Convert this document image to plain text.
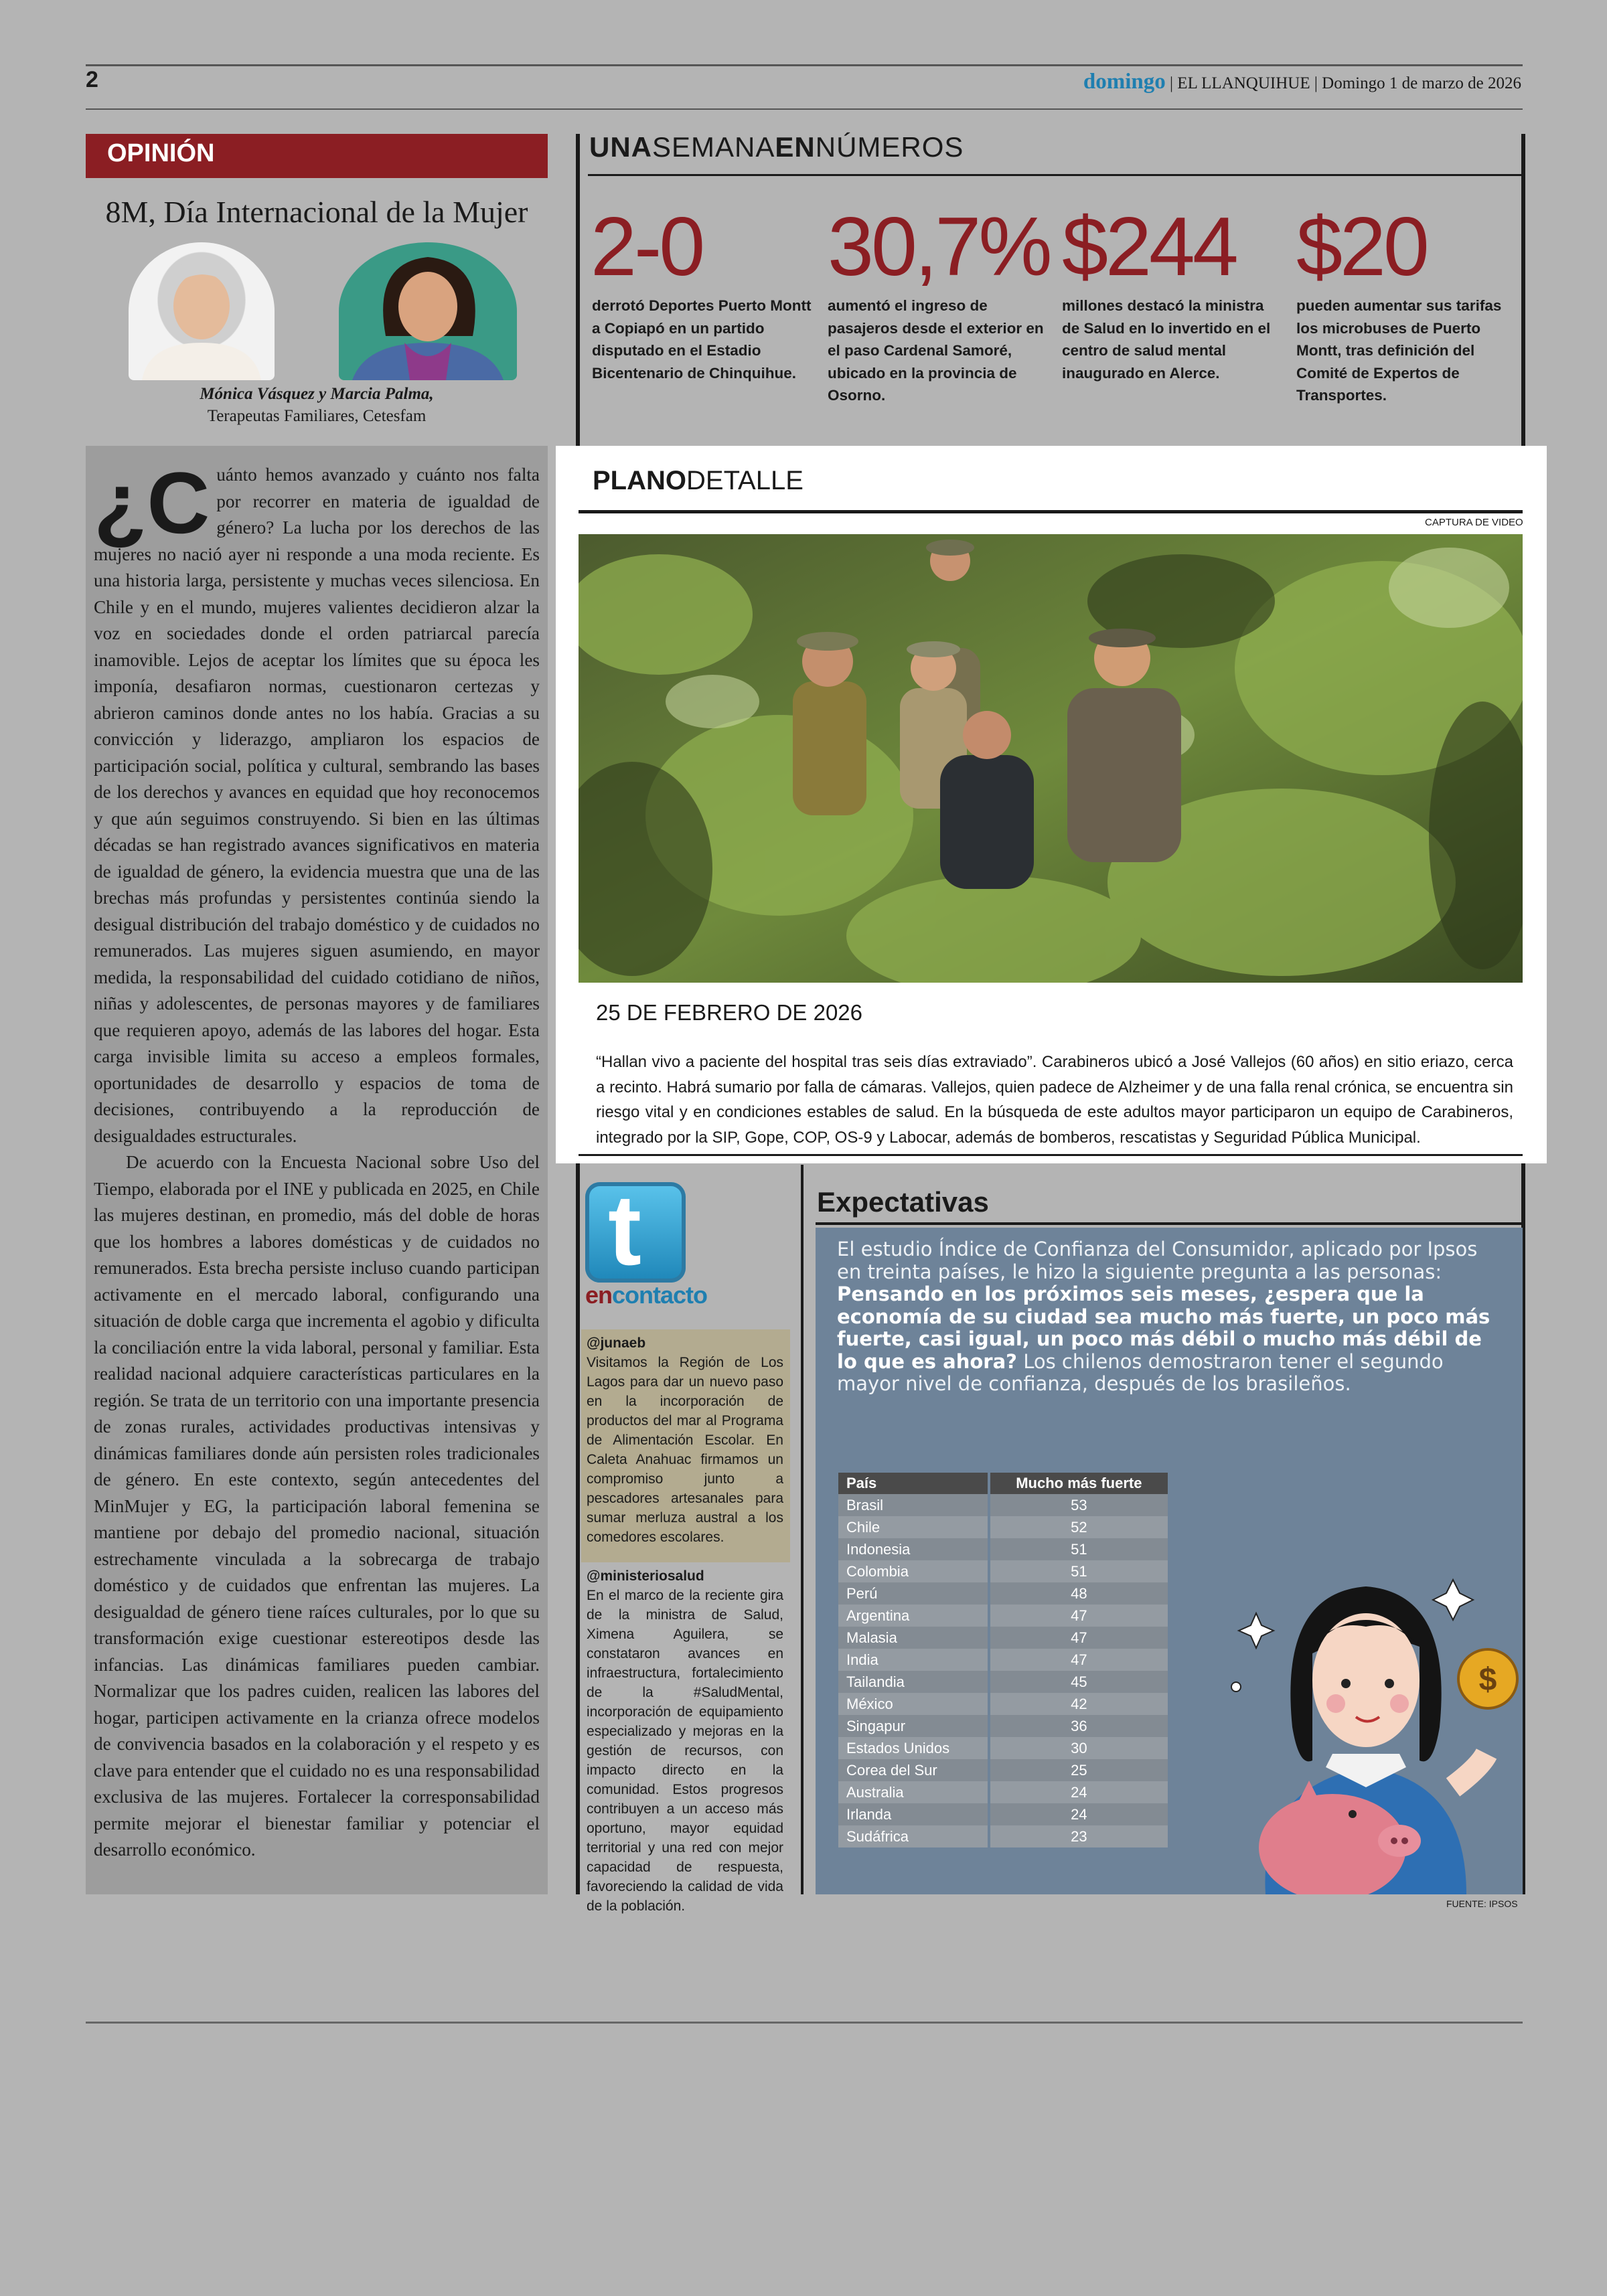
2	domingo | EL LLANQUIHUE | Domingo 1 de marzo de 2026
OPINIÓN
8M, Día Internacional de la Mujer
Mónica Vásquez y Marcia Palma,
Terapeutas Familiares, Cetesfam

¿C uánto hemos avanzado y cuánto nos falta por recorrer en materia de igualdad de género? La lucha por los derechos de las mujeres no nació ayer ni responde a una moda reciente. Es una historia larga, persistente y muchas veces silenciosa. En Chile y en el mundo, mujeres valientes decidieron alzar la voz en sociedades donde el orden patriarcal parecía inamovible. Lejos de aceptar los límites que su época les imponía, desafiaron normas, cuestionaron certezas y abrieron caminos donde antes no los había. Gracias a su convicción y liderazgo, ampliaron los espacios de participación social, política y cultural, sembrando las bases de los derechos y avances en equidad que hoy reconocemos y que aún seguimos construyendo. Si bien en las últimas décadas se han registrado avances significativos en materia de igualdad de género, la evidencia muestra que una de las brechas más profundas y persistentes continúa siendo la desigual distribución del trabajo doméstico y de cuidados no remunerados. Las mujeres siguen asumiendo, en mayor medida, la responsabilidad del cuidado cotidiano de niños, niñas y adolescentes, de personas mayores y de familiares que requieren apoyo, además de las labores del hogar. Esta carga invisible limita su acceso a empleos formales, oportunidades de desarrollo y espacios de toma de decisiones, contribuyendo a la reproducción de desigualdades estructurales.

De acuerdo con la Encuesta Nacional sobre Uso del Tiempo, elaborada por el INE y publicada en 2025, en Chile las mujeres destinan, en promedio, más del doble de horas que los hombres a labores domésticas y de cuidados no remunerados. Esta brecha persiste incluso cuando participan activamente en el mercado laboral, configurando una situación de doble carga que incrementa el agobio y dificulta la conciliación entre la vida laboral, personal y familiar. Esta realidad nacional adquiere características particulares en la región. Se trata de un territorio con una importante presencia de zonas rurales, actividades productivas intensivas y dinámicas familiares donde aún persisten roles tradicionales de género. En este contexto, según antecedentes del MinMujer y EG, la participación laboral femenina se mantiene por debajo del promedio nacional, situación estrechamente vinculada a la sobrecarga de trabajo doméstico y de cuidados que enfrentan las mujeres. La desigualdad de género tiene raíces culturales, por lo que su transformación exige cuestionar estereotipos desde las infancias. Las dinámicas familiares pueden cambiar. Normalizar que los padres cuiden, realicen las labores del hogar, participen activamente en la crianza ofrece modelos de convivencia basados en la colaboración y el respeto y es clave para entender que el cuidado no es una responsabilidad exclusiva de las mujeres. Fortalecer la corresponsabilidad permite mejorar el bienestar familiar y potenciar el desarrollo económico.

UNASEMANAENNÚMEROS
2-0
derrotó Deportes Puerto Montt a Copiapó en un partido disputado en el Estadio Bicentenario de Chinquihue.
30,7%
aumentó el ingreso de pasajeros desde el exterior en el paso Cardenal Samoré, ubicado en la provincia de Osorno.
$244
millones destacó la ministra de Salud en lo invertido en el centro de salud mental inaugurado en Alerce.
$20
pueden aumentar sus tarifas los microbuses de Puerto Montt, tras definición del Comité de Expertos de Transportes.
PLANODETALLE
CAPTURA DE VIDEO
25 DE FEBRERO DE 2026
“Hallan vivo a paciente del hospital tras seis días extraviado”. Carabineros ubicó a José Vallejos (60 años) en sitio eriazo, cerca a recinto. Habrá sumario por falla de cámaras. Vallejos, quien padece de Alzheimer y de una falla renal crónica, se encuentra sin riesgo vital y en condiciones estables de salud. En la búsqueda de este adultos mayor participaron un equipo de Carabineros, integrado por la SIP, Gope, COP, OS-9 y Labocar, además de bomberos, rescatistas y Seguridad Pública Municipal.
t
encontacto
@junaeb
Visitamos la Región de Los Lagos para dar un nuevo paso en la incorporación de productos del mar al Programa de Alimentación Escolar. En Caleta Anahuac firmamos un compromiso junto a pescadores artesanales para sumar merluza austral a los comedores escolares.
@ministeriosalud
En el marco de la reciente gira de la ministra de Salud, Ximena Aguilera, se constataron avances en infraestructura, fortalecimiento de la #SaludMental, incorporación de equipamiento especializado y mejoras en la gestión de recursos, con impacto directo en la comunidad. Estos progresos contribuyen a un acceso más oportuno, mayor equidad territorial y una red con mejor capacidad de respuesta, favoreciendo la calidad de vida de la población.
Expectativas
El estudio Índice de Confianza del Consumidor, aplicado por Ipsos en treinta países, le hizo la siguiente pregunta a las personas: Pensando en los próximos seis meses, ¿espera que la economía de su ciudad sea mucho más fuerte, un poco más fuerte, casi igual, un poco más débil o mucho más débil de lo que es ahora? Los chilenos demostraron tener el segundo mayor nivel de confianza, después de los brasileños.
País	Mucho más fuerte
Brasil	53
Chile	52
Indonesia	51
Colombia	51
Perú	48
Argentina	47
Malasia	47
India	47
Tailandia	45
México	42
Singapur	36
Estados Unidos	30
Corea del Sur	25
Australia	24
Irlanda	24
Sudáfrica	23
$
FUENTE: IPSOS
